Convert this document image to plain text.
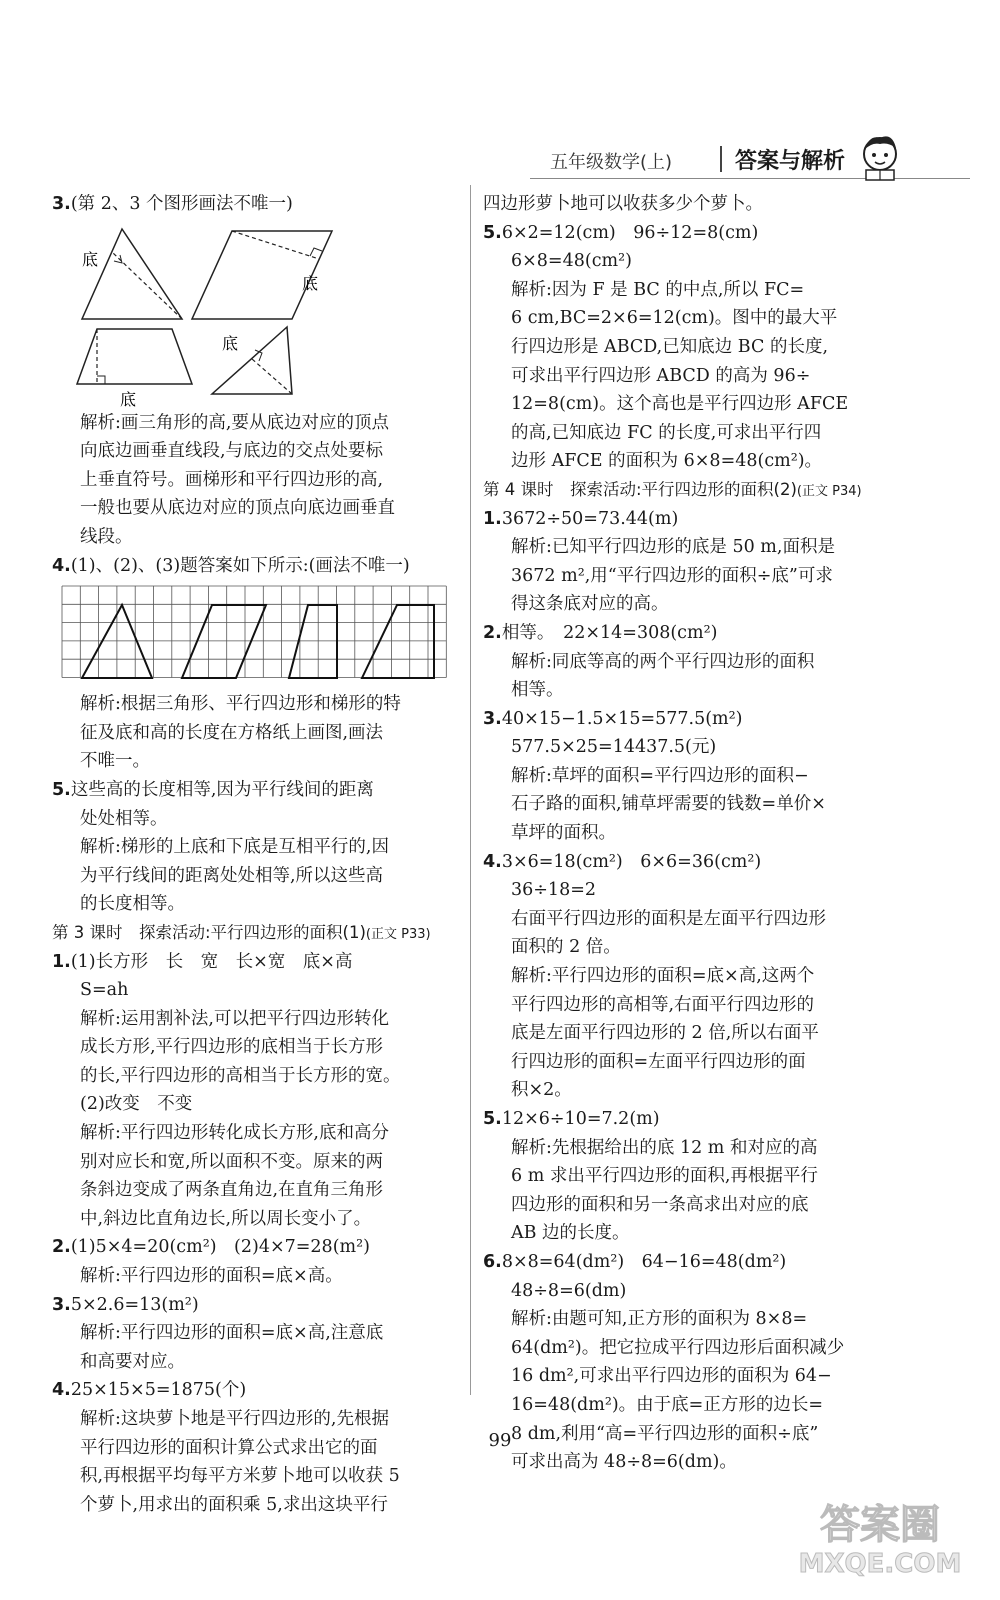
五年级数学(上)	答案与解析
3.(第 2、3 个图形画法不唯一)
底
底
底
底
解析:画三角形的高,要从底边对应的顶点
向底边画垂直线段,与底边的交点处要标
上垂直符号。画梯形和平行四边形的高,
一般也要从底边对应的顶点向底边画垂直
线段。
4.(1)、(2)、(3)题答案如下所示:(画法不唯一)
解析:根据三角形、平行四边形和梯形的特
征及底和高的长度在方格纸上画图,画法
不唯一。
5.这些高的长度相等,因为平行线间的距离
处处相等。
解析:梯形的上底和下底是互相平行的,因
为平行线间的距离处处相等,所以这些高
的长度相等。
第 3 课时　探索活动:平行四边形的面积(1)(正文 P33)
1.(1)长方形　长　宽　长×宽　底×高
S=ah
解析:运用割补法,可以把平行四边形转化
成长方形,平行四边形的底相当于长方形
的长,平行四边形的高相当于长方形的宽。
(2)改变　不变
解析:平行四边形转化成长方形,底和高分
别对应长和宽,所以面积不变。原来的两
条斜边变成了两条直角边,在直角三角形
中,斜边比直角边长,所以周长变小了。
2.(1)5×4=20(cm²)　(2)4×7=28(m²)
解析:平行四边形的面积=底×高。
3.5×2.6=13(m²)
解析:平行四边形的面积=底×高,注意底
和高要对应。
4.25×15×5=1875(个)
解析:这块萝卜地是平行四边形的,先根据
平行四边形的面积计算公式求出它的面
积,再根据平均每平方米萝卜地可以收获 5
个萝卜,用求出的面积乘 5,求出这块平行
四边形萝卜地可以收获多少个萝卜。
5.6×2=12(cm)　96÷12=8(cm)
6×8=48(cm²)
解析:因为 F 是 BC 的中点,所以 FC=
6 cm,BC=2×6=12(cm)。图中的最大平
行四边形是 ABCD,已知底边 BC 的长度,
可求出平行四边形 ABCD 的高为 96÷
12=8(cm)。这个高也是平行四边形 AFCE
的高,已知底边 FC 的长度,可求出平行四
边形 AFCE 的面积为 6×8=48(cm²)。
第 4 课时　探索活动:平行四边形的面积(2)(正文 P34)
1.3672÷50=73.44(m)
解析:已知平行四边形的底是 50 m,面积是
3672 m²,用“平行四边形的面积÷底”可求
得这条底对应的高。
2.相等。　22×14=308(cm²)
解析:同底等高的两个平行四边形的面积
相等。
3.40×15−1.5×15=577.5(m²)
577.5×25=14437.5(元)
解析:草坪的面积=平行四边形的面积−
石子路的面积,铺草坪需要的钱数=单价×
草坪的面积。
4.3×6=18(cm²)　6×6=36(cm²)
36÷18=2
右面平行四边形的面积是左面平行四边形
面积的 2 倍。
解析:平行四边形的面积=底×高,这两个
平行四边形的高相等,右面平行四边形的
底是左面平行四边形的 2 倍,所以右面平
行四边形的面积=左面平行四边形的面
积×2。
5.12×6÷10=7.2(m)
解析:先根据给出的底 12 m 和对应的高
6 m 求出平行四边形的面积,再根据平行
四边形的面积和另一条高求出对应的底
AB 边的长度。
6.8×8=64(dm²)　64−16=48(dm²)
48÷8=6(dm)
解析:由题可知,正方形的面积为 8×8=
64(dm²)。把它拉成平行四边形后面积减少
16 dm²,可求出平行四边形的面积为 64−
16=48(dm²)。由于底=正方形的边长=
8 dm,利用“高=平行四边形的面积÷底”
可求出高为 48÷8=6(dm)。
99
答案圈
MXQE.COM
